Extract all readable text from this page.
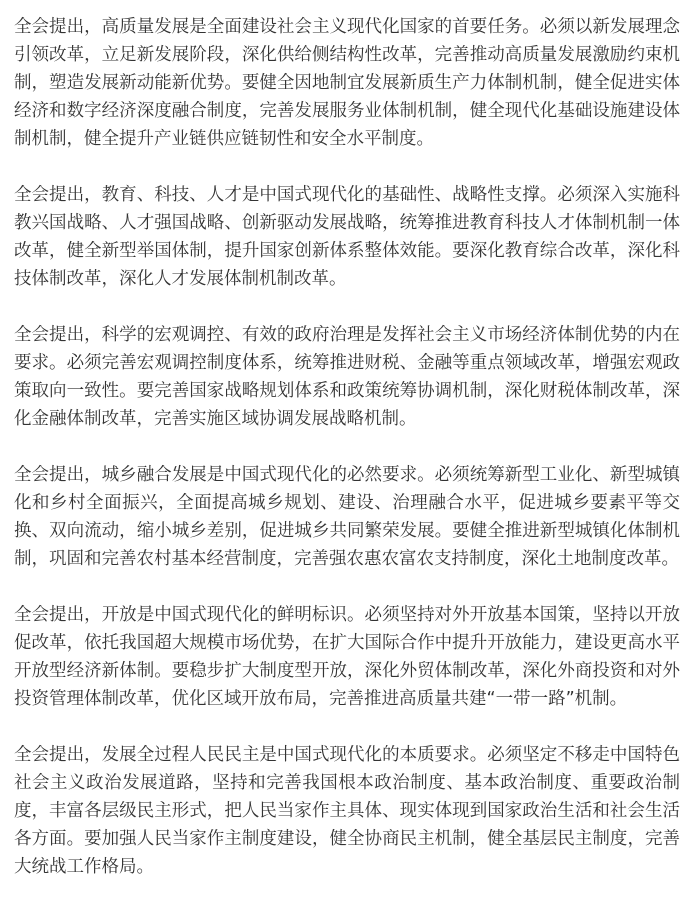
全会提出，高质量发展是全面建设社会主义现代化国家的首要任务。必须以新发展理念引领改革，立足新发展阶段，深化供给侧结构性改革，完善推动高质量发展激励约束机制，塑造发展新动能新优势。要健全因地制宜发展新质生产力体制机制，健全促进实体经济和数字经济深度融合制度，完善发展服务业体制机制，健全现代化基础设施建设体制机制，健全提升产业链供应链韧性和安全水平制度。

全会提出，教育、科技、人才是中国式现代化的基础性、战略性支撑。必须深入实施科教兴国战略、人才强国战略、创新驱动发展战略，统筹推进教育科技人才体制机制一体改革，健全新型举国体制，提升国家创新体系整体效能。要深化教育综合改革，深化科技体制改革，深化人才发展体制机制改革。

全会提出，科学的宏观调控、有效的政府治理是发挥社会主义市场经济体制优势的内在要求。必须完善宏观调控制度体系，统筹推进财税、金融等重点领域改革，增强宏观政策取向一致性。要完善国家战略规划体系和政策统筹协调机制，深化财税体制改革，深化金融体制改革，完善实施区域协调发展战略机制。

全会提出，城乡融合发展是中国式现代化的必然要求。必须统筹新型工业化、新型城镇化和乡村全面振兴，全面提高城乡规划、建设、治理融合水平，促进城乡要素平等交换、双向流动，缩小城乡差别，促进城乡共同繁荣发展。要健全推进新型城镇化体制机制，巩固和完善农村基本经营制度，完善强农惠农富农支持制度，深化土地制度改革。

全会提出，开放是中国式现代化的鲜明标识。必须坚持对外开放基本国策，坚持以开放促改革，依托我国超大规模市场优势，在扩大国际合作中提升开放能力，建设更高水平开放型经济新体制。要稳步扩大制度型开放，深化外贸体制改革，深化外商投资和对外投资管理体制改革，优化区域开放布局，完善推进高质量共建“一带一路”机制。

全会提出，发展全过程人民民主是中国式现代化的本质要求。必须坚定不移走中国特色社会主义政治发展道路，坚持和完善我国根本政治制度、基本政治制度、重要政治制度，丰富各层级民主形式，把人民当家作主具体、现实体现到国家政治生活和社会生活各方面。要加强人民当家作主制度建设，健全协商民主机制，健全基层民主制度，完善大统战工作格局。
